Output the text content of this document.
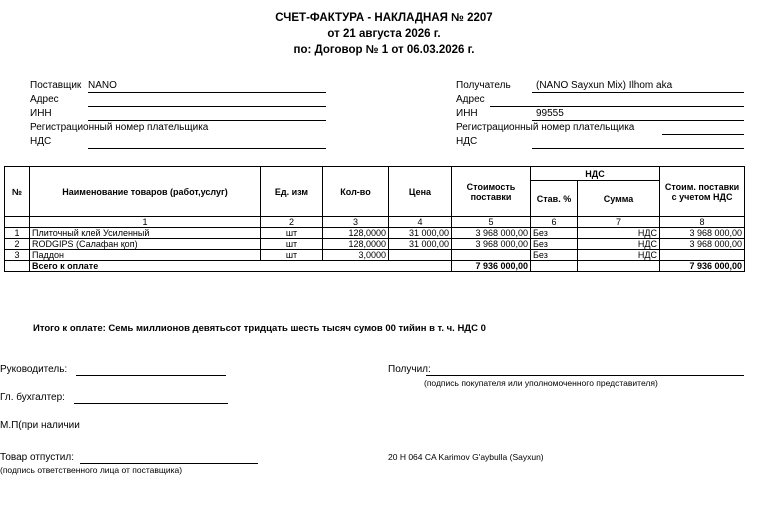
СЧЕТ-ФАКТУРА - НАКЛАДНАЯ № 2207
от 21 августа 2026 г.
по: Договор № 1 от 06.03.2026 г.
Поставщик NANO
Адрес
ИНН
Регистрационный номер плательщика
НДС
Получатель	(NANO Sayxun Mix) Ilhom aka
Адрес
ИНН	99555
Регистрационный номер плательщика
НДС
№	Наименование товаров (работ,услуг)	Ед. изм	Кол-во	Цена	Стоимость поставки	НДС		Стоим. поставки с учетом НДС
						Став. %	Сумма	
	1	2	3	4	5	6	7	8
1	Плиточный клей Усиленный	шт	128,0000	31 000,00	3 968 000,00	Без	НДС	3 968 000,00
2	RODGIPS (Салафан қоп)	шт	128,0000	31 000,00	3 968 000,00	Без	НДС	3 968 000,00
3	Паддон	шт	3,0000			Без	НДС	
	Всего к оплате				7 936 000,00			7 936 000,00
Итого к оплате: Семь миллионов девятьсот тридцать шесть тысяч сумов 00 тийин в т. ч. НДС 0
Руководитель:
Гл. бухгалтер:
М.П(при наличии
Товар отпустил:
(подпись ответственного лица от поставщика)
Получил:
(подпись покупателя или уполномоченного представителя)
20 H 064 CA Karimov G'aybulla (Sayxun)
